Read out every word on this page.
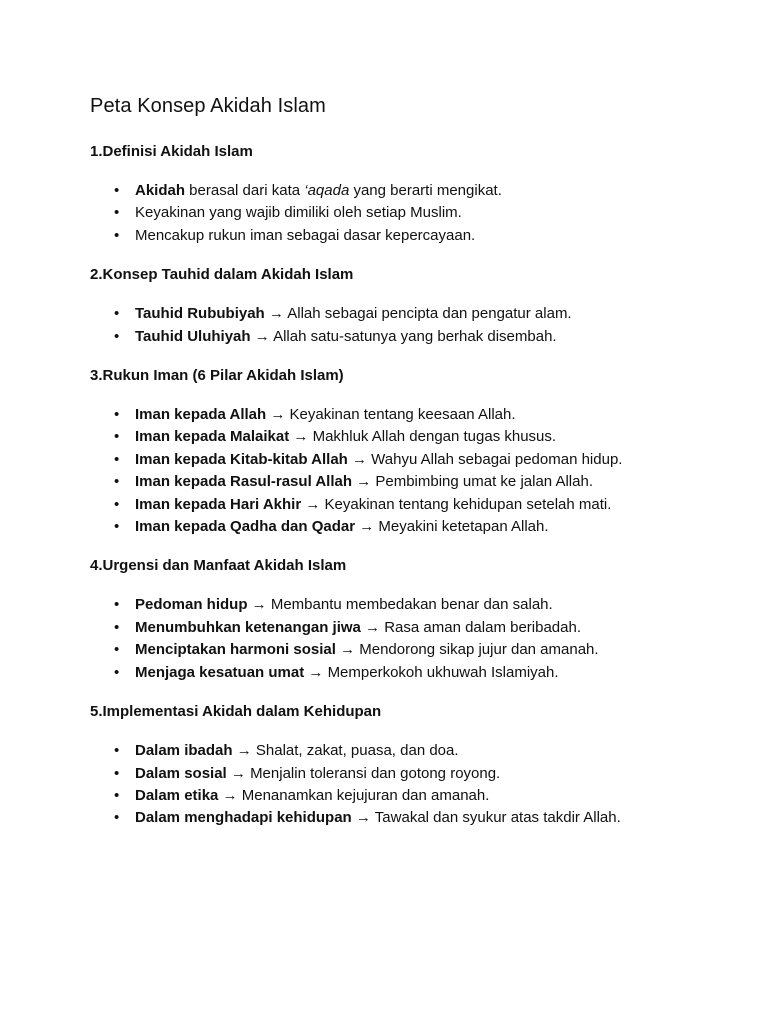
Peta Konsep Akidah Islam
1.Definisi Akidah Islam
• Akidah berasal dari kata ‘aqada yang berarti mengikat.
• Keyakinan yang wajib dimiliki oleh setiap Muslim.
• Mencakup rukun iman sebagai dasar kepercayaan.
2.Konsep Tauhid dalam Akidah Islam
• Tauhid Rububiyah → Allah sebagai pencipta dan pengatur alam.
• Tauhid Uluhiyah → Allah satu-satunya yang berhak disembah.
3.Rukun Iman (6 Pilar Akidah Islam)
• Iman kepada Allah → Keyakinan tentang keesaan Allah.
• Iman kepada Malaikat → Makhluk Allah dengan tugas khusus.
• Iman kepada Kitab-kitab Allah → Wahyu Allah sebagai pedoman hidup.
• Iman kepada Rasul-rasul Allah → Pembimbing umat ke jalan Allah.
• Iman kepada Hari Akhir → Keyakinan tentang kehidupan setelah mati.
• Iman kepada Qadha dan Qadar → Meyakini ketetapan Allah.
4.Urgensi dan Manfaat Akidah Islam
• Pedoman hidup → Membantu membedakan benar dan salah.
• Menumbuhkan ketenangan jiwa → Rasa aman dalam beribadah.
• Menciptakan harmoni sosial → Mendorong sikap jujur dan amanah.
• Menjaga kesatuan umat → Memperkokoh ukhuwah Islamiyah.
5.Implementasi Akidah dalam Kehidupan
• Dalam ibadah → Shalat, zakat, puasa, dan doa.
• Dalam sosial → Menjalin toleransi dan gotong royong.
• Dalam etika → Menanamkan kejujuran dan amanah.
• Dalam menghadapi kehidupan → Tawakal dan syukur atas takdir Allah.
